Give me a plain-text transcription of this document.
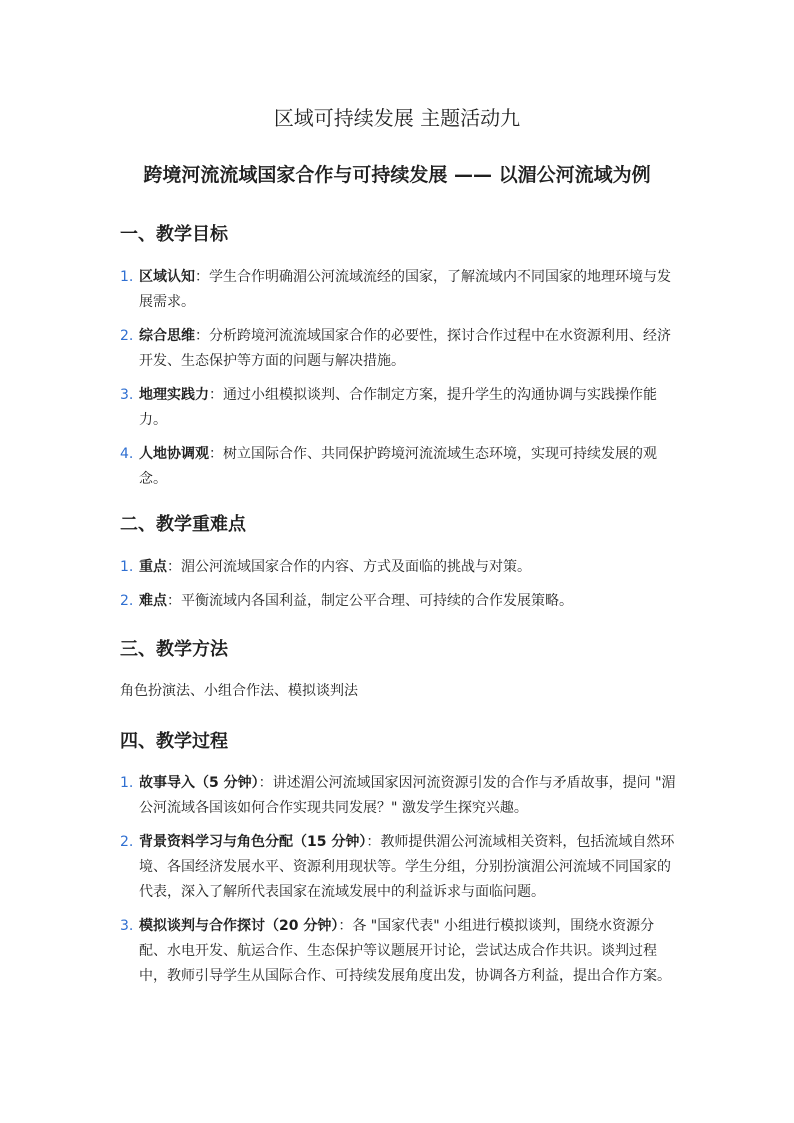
区域可持续发展 主题活动九
跨境河流流域国家合作与可持续发展 —— 以湄公河流域为例
一、教学目标
1. 区域认知：学生合作明确湄公河流域流经的国家，了解流域内不同国家的地理环境与发展需求。
2. 综合思维：分析跨境河流流域国家合作的必要性，探讨合作过程中在水资源利用、经济开发、生态保护等方面的问题与解决措施。
3. 地理实践力：通过小组模拟谈判、合作制定方案，提升学生的沟通协调与实践操作能力。
4. 人地协调观：树立国际合作、共同保护跨境河流流域生态环境，实现可持续发展的观念。
二、教学重难点
1. 重点：湄公河流域国家合作的内容、方式及面临的挑战与对策。
2. 难点：平衡流域内各国利益，制定公平合理、可持续的合作发展策略。
三、教学方法

角色扮演法、小组合作法、模拟谈判法

四、教学过程
1. 故事导入（5 分钟）：讲述湄公河流域国家因河流资源引发的合作与矛盾故事，提问 "湄公河流域各国该如何合作实现共同发展？" 激发学生探究兴趣。
2. 背景资料学习与角色分配（15 分钟）：教师提供湄公河流域相关资料，包括流域自然环境、各国经济发展水平、资源利用现状等。学生分组，分别扮演湄公河流域不同国家的代表，深入了解所代表国家在流域发展中的利益诉求与面临问题。
3. 模拟谈判与合作探讨（20 分钟）：各 "国家代表" 小组进行模拟谈判，围绕水资源分配、水电开发、航运合作、生态保护等议题展开讨论，尝试达成合作共识。谈判过程中，教师引导学生从国际合作、可持续发展角度出发，协调各方利益，提出合作方案。
